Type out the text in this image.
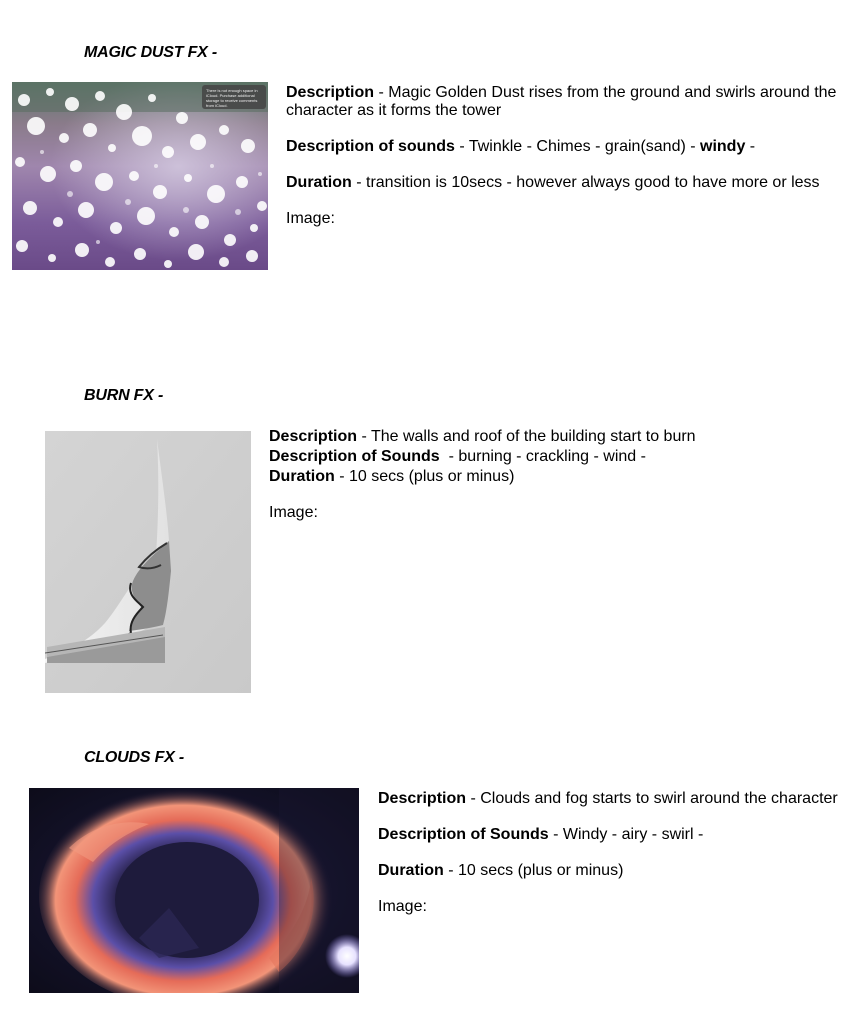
MAGIC DUST FX -
There is not enough space in iCloud. Purchase additional storage to receive comments from iCloud.

Description - Magic Golden Dust rises from the ground and swirls around the character as it forms the tower

Description of sounds - Twinkle - Chimes - grain(sand) - windy -

Duration - transition is 10secs - however always good to have more or less

Image:

BURN FX -

Description - The walls and roof of the building start to burn

Description of Sounds  - burning - crackling - wind -

Duration - 10 secs (plus or minus)

Image:

CLOUDS FX -

Description - Clouds and fog starts to swirl around the character

Description of Sounds - Windy - airy - swirl -

Duration - 10 secs (plus or minus)

Image:
